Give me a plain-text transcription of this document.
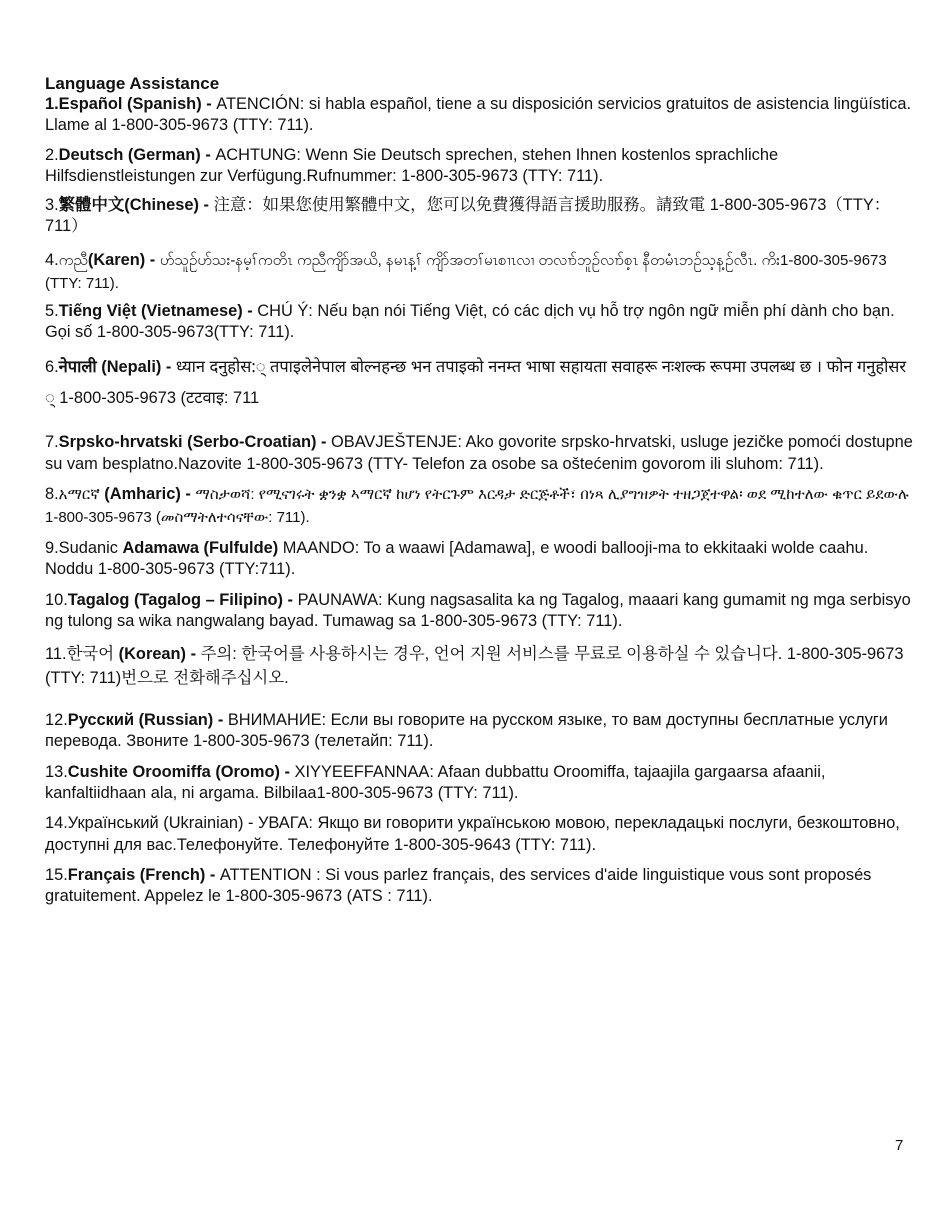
Language Assistance

1.Español (Spanish) - ATENCIÓN: si habla español, tiene a su disposición servicios gratuitos de asistencia lingüística. Llame al 1-800-305-9673 (TTY: 711).

2.Deutsch (German) - ACHTUNG: Wenn Sie Deutsch sprechen, stehen Ihnen kostenlos sprachliche Hilfsdienstleistungen zur Verfügung.Rufnummer: 1-800-305-9673 (TTY: 711).

3.繁體中文(Chinese) - 注意：如果您使用繁體中文，您可以免費獲得語言援助服務。請致電 1-800-305-9673（TTY：711）

4.ကညီ(Karen) - ဟ်သူဉ်ဟ်သး-နမ့ၢ်ကတိၤ ကညီကျိာ်အယိ, နမၤန့ၢ် ကျိာ်အတၢ်မၤစၢၤလၢ တလၢာ်ဘူဉ်လၢာ်စ့ၤ နီတမံၤဘဉ်သ့န့ဉ်လီၤ. ကိး1-800-305-9673 (TTY: 711).

5.Tiếng Việt (Vietnamese) - CHÚ Ý: Nếu bạn nói Tiếng Việt, có các dịch vụ hỗ trợ ngôn ngữ miễn phí dành cho bạn. Gọi số 1-800-305-9673(TTY: 711).

6.नेपाली (Nepali) - ध्यान दनुहोस:् तपाइलेनेपाल बोल्नहन्छ भन तपाइको ननम्त भाषा सहायता सवाहरू नःशल्क रूपमा उपलब्ध छ । फोन गनुहोसर ् 1-800-305-9673 (टटवाइ: 711

7.Srpsko-hrvatski (Serbo-Croatian) - OBAVJEŠTENJE: Ako govorite srpsko-hrvatski, usluge jezičke pomoći dostupne su vam besplatno.Nazovite 1-800-305-9673 (TTY- Telefon za osobe sa oštećenim govorom ili sluhom: 711).

8.አማርኛ (Amharic) - ማስታወሻ: የሚናገሩት ቋንቋ ኣማርኛ ከሆነ የትርጉም እርዳታ ድርጅቶች፣ በነጻ ሊያግዝዎት ተዘጋጀተዋል፡ ወደ ሚከተለው ቁጥር ይደውሉ 1-800-305-9673 (መስማትለተሳናቸው: 711).

9.Sudanic Adamawa (Fulfulde) MAANDO: To a waawi [Adamawa], e woodi ballooji-ma to ekkitaaki wolde caahu. Noddu 1-800-305-9673 (TTY:711).

10.Tagalog (Tagalog – Filipino) - PAUNAWA: Kung nagsasalita ka ng Tagalog, maaari kang gumamit ng mga serbisyo ng tulong sa wika nangwalang bayad. Tumawag sa 1-800-305-9673 (TTY: 711).

11.한국어 (Korean) - 주의: 한국어를 사용하시는 경우, 언어 지원 서비스를 무료로 이용하실 수 있습니다. 1-800-305-9673 (TTY: 711)번으로 전화해주십시오.

12.Русский (Russian) - ВНИМАНИЕ: Если вы говорите на русском языке, то вам доступны бесплатные услуги перевода. Звоните 1-800-305-9673 (телетайп: 711).

13.Cushite Oroomiffa (Oromo) - XIYYEEFFANNAA: Afaan dubbattu Oroomiffa, tajaajila gargaarsa afaanii, kanfaltiidhaan ala, ni argama. Bilbilaa1-800-305-9673 (TTY: 711).

14.Український (Ukrainian) - УВАГА: Якщо ви говорити українською мовою, перекладацькі послуги, безкоштовно, доступні для вас.Телефонуйте. Телефонуйте 1-800-305-9643 (TTY: 711).

15.Français (French) - ATTENTION : Si vous parlez français, des services d'aide linguistique vous sont proposés gratuitement. Appelez le 1-800-305-9673 (ATS : 711).

7
